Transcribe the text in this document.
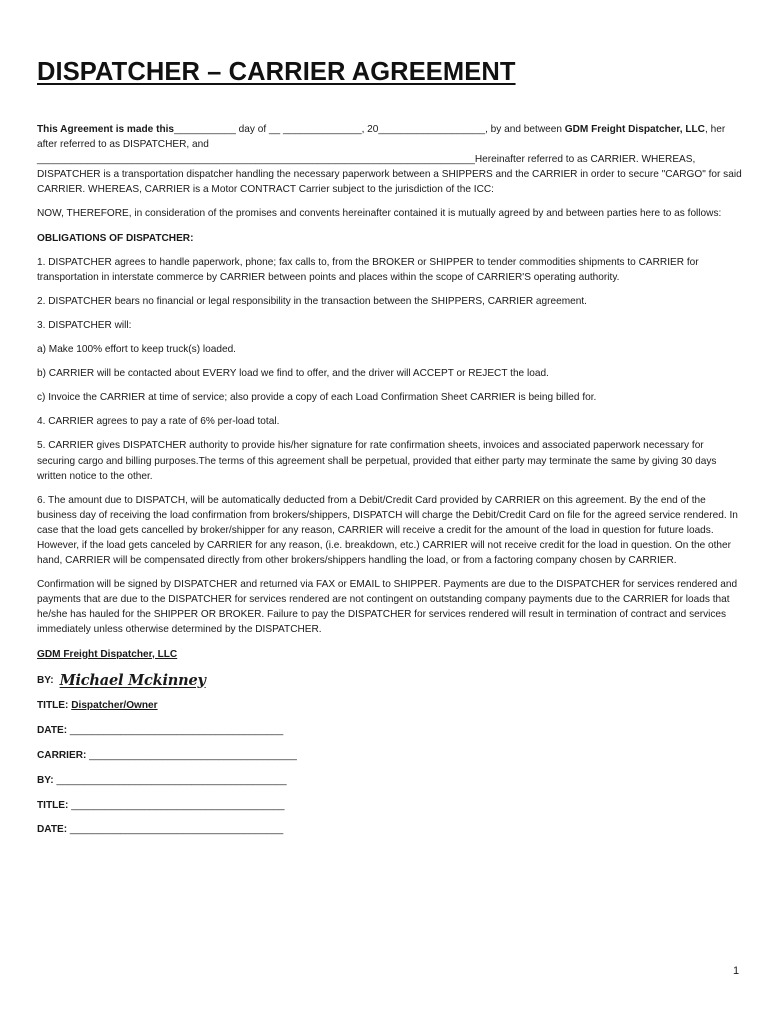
DISPATCHER – CARRIER AGREEMENT

This Agreement is made this___________ day of __ ______________, 20___________________, by and between GDM Freight Dispatcher, LLC, her after referred to as DISPATCHER, and
______________________________________________________________________________Hereinafter referred to as CARRIER. WHEREAS, DISPATCHER is a transportation dispatcher handling the necessary paperwork between a SHIPPERS and the CARRIER in order to secure "CARGO" for said CARRIER. WHEREAS, CARRIER is a Motor CONTRACT Carrier subject to the jurisdiction of the ICC:

NOW, THEREFORE, in consideration of the promises and convents hereinafter contained it is mutually agreed by and between parties here to as follows:

OBLIGATIONS OF DISPATCHER:

1. DISPATCHER agrees to handle paperwork, phone; fax calls to, from the BROKER or SHIPPER to tender commodities shipments to CARRIER for transportation in interstate commerce by CARRIER between points and places within the scope of CARRIER'S operating authority.

2. DISPATCHER bears no financial or legal responsibility in the transaction between the SHIPPERS, CARRIER agreement.

3. DISPATCHER will:

a) Make 100% effort to keep truck(s) loaded.

b) CARRIER will be contacted about EVERY load we find to offer, and the driver will ACCEPT or REJECT the load.

c) Invoice the CARRIER at time of service; also provide a copy of each Load Confirmation Sheet CARRIER is being billed for.

4. CARRIER agrees to pay a rate of 6% per-load total.

5. CARRIER gives DISPATCHER authority to provide his/her signature for rate confirmation sheets, invoices and associated paperwork necessary for securing cargo and billing purposes.The terms of this agreement shall be perpetual, provided that either party may terminate the same by giving 30 days written notice to the other.

6. The amount due to DISPATCH, will be automatically deducted from a Debit/Credit Card provided by CARRIER on this agreement. By the end of the business day of receiving the load confirmation from brokers/shippers, DISPATCH will charge the Debit/Credit Card on file for the agreed service rendered. In case that the load gets cancelled by broker/shipper for any reason, CARRIER will receive a credit for the amount of the load in question for future loads. However, if the load gets canceled by CARRIER for any reason, (i.e. breakdown, etc.) CARRIER will not receive credit for the load in question. On the other hand, CARRIER will be compensated directly from other brokers/shippers handling the load, or from a factoring company chosen by CARRIER.

Confirmation will be signed by DISPATCHER and returned via FAX or EMAIL to SHIPPER. Payments are due to the DISPATCHER for services rendered and payments that are due to the DISPATCHER for services rendered are not contingent on outstanding company payments due to the CARRIER for loads that he/she has hauled for the SHIPPER OR BROKER. Failure to pay the DISPATCHER for services rendered will result in termination of contract and services immediately unless otherwise determined by the DISPATCHER.

GDM Freight Dispatcher, LLC

BY: Michael Mckinney
TITLE: Dispatcher/Owner
DATE: ______________________________________
CARRIER: _____________________________________
BY: _________________________________________
TITLE: ______________________________________
DATE: ______________________________________
1
